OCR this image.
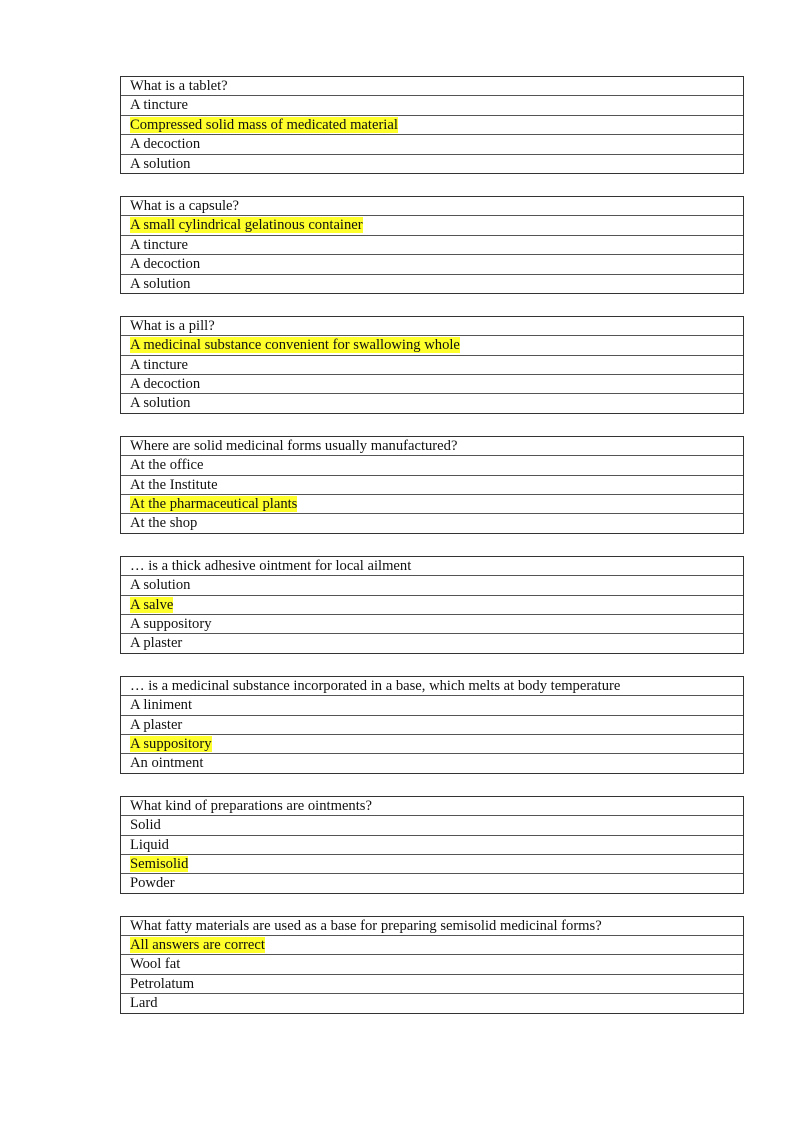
What is a tablet?
A tincture
Compressed solid mass of medicated material
A decoction
A solution
What is a capsule?
A small cylindrical gelatinous container
A tincture
A decoction
A solution
What is a pill?
A medicinal substance convenient for swallowing whole
A tincture
A decoction
A solution
Where are solid medicinal forms usually manufactured?
At the office
At the Institute
At the pharmaceutical plants
At the shop
… is a thick adhesive ointment for local ailment
A solution
A salve
A suppository
A plaster
… is a medicinal substance incorporated in a base, which melts at body temperature
A liniment
A plaster
A suppository
An ointment
What kind of preparations are ointments?
Solid
Liquid
Semisolid
Powder
What fatty materials are used as a base for preparing semisolid medicinal forms?
All answers are correct
Wool fat
Petrolatum
Lard
